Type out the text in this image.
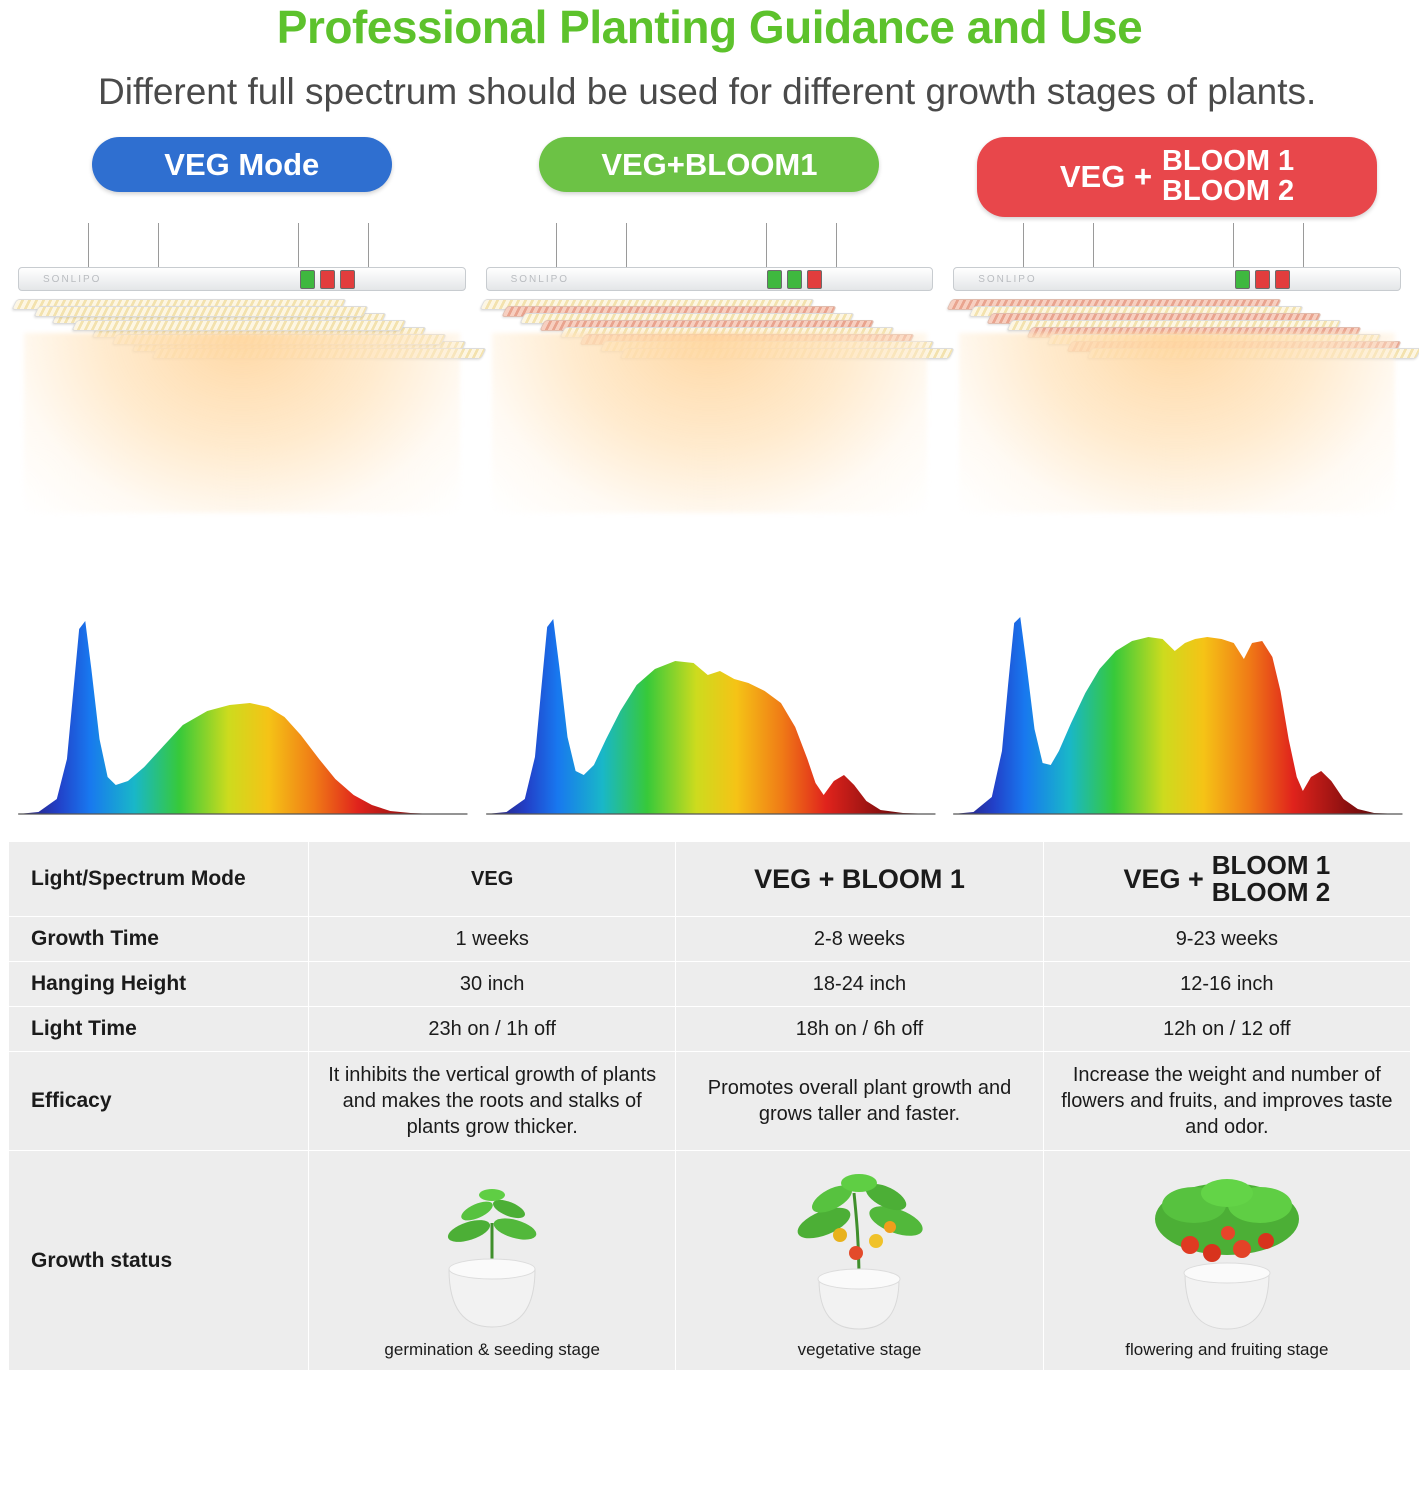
Professional Planting Guidance and Use
Different full spectrum should be used for different growth stages of plants.
VEG Mode
SONLIPO
VEG+BLOOM1
SONLIPO
VEG + BLOOM 1
BLOOM 2
SONLIPO
Light/Spectrum Mode	VEG	VEG + BLOOM 1	VEG + BLOOM 1
BLOOM 2

Growth Time	1 weeks	2-8 weeks	9-23 weeks
Hanging Height	30 inch	18-24 inch	12-16 inch
Light Time	23h on / 1h off	18h on / 6h off	12h on / 12 off
Efficacy	It inhibits the vertical growth of plants and makes the roots and stalks of plants grow thicker.	Promotes overall plant growth and grows taller and faster.	Increase the weight and number of flowers and fruits, and improves taste and odor.
Growth status	germination & seeding stage	vegetative stage	flowering and fruiting stage
